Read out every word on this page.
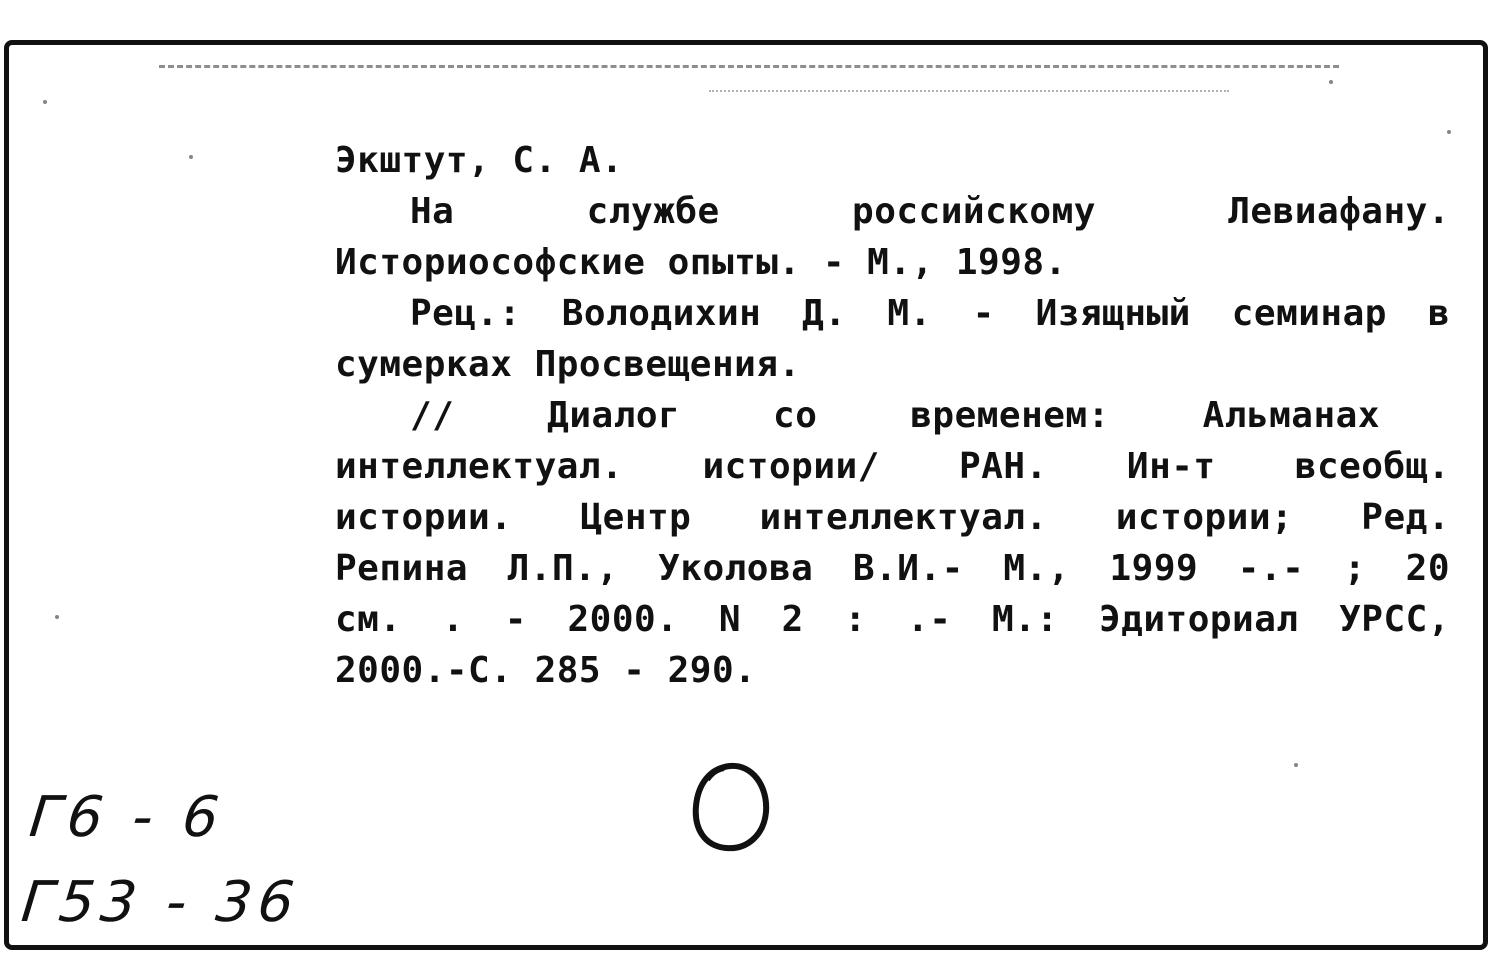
Экштут, С. А.
На службе российскому Левиафану.
Историософские опыты. - М., 1998.
Рец.: Володихин Д. М. - Изящный семинар в
сумерках Просвещения.
// Диалог со временем: Альманах
интеллектуал. истории/ РАН. Ин-т всеобщ.
истории. Центр интеллектуал. истории; Ред.
Репина Л.П., Уколова В.И.- М., 1999 -.- ; 20
см. . - 2000. N 2 : .- М.: Эдиториал УРСС,
2000.-С. 285 - 290.
Г6 - 6
Г53 - 36
